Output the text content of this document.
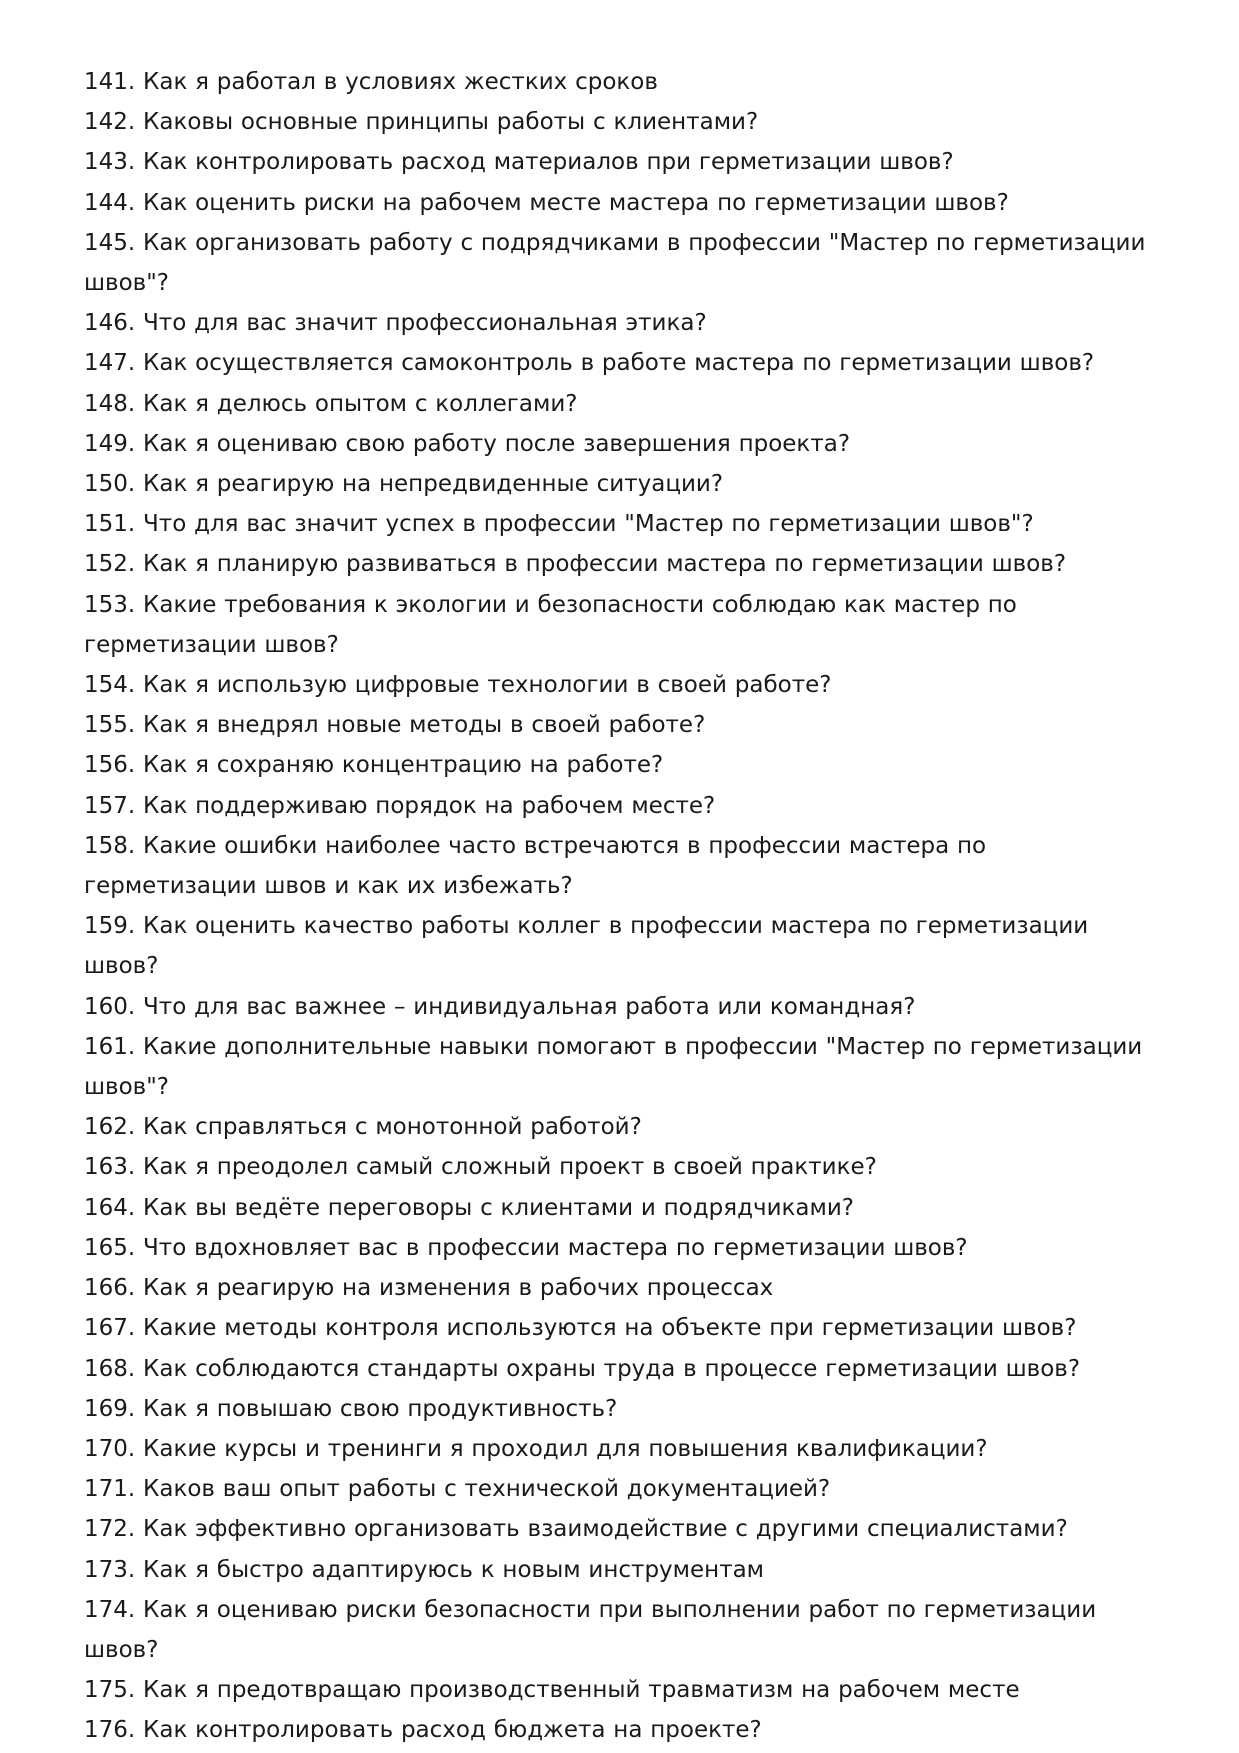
141. Как я работал в условиях жестких сроков

142. Каковы основные принципы работы с клиентами?

143. Как контролировать расход материалов при герметизации швов?

144. Как оценить риски на рабочем месте мастера по герметизации швов?

145. Как организовать работу с подрядчиками в профессии "Мастер по герметизации швов"?

146. Что для вас значит профессиональная этика?

147. Как осуществляется самоконтроль в работе мастера по герметизации швов?

148. Как я делюсь опытом с коллегами?

149. Как я оцениваю свою работу после завершения проекта?

150. Как я реагирую на непредвиденные ситуации?

151. Что для вас значит успех в профессии "Мастер по герметизации швов"?

152. Как я планирую развиваться в профессии мастера по герметизации швов?

153. Какие требования к экологии и безопасности соблюдаю как мастер по герметизации швов?

154. Как я использую цифровые технологии в своей работе?

155. Как я внедрял новые методы в своей работе?

156. Как я сохраняю концентрацию на работе?

157. Как поддерживаю порядок на рабочем месте?

158. Какие ошибки наиболее часто встречаются в профессии мастера по герметизации швов и как их избежать?

159. Как оценить качество работы коллег в профессии мастера по герметизации швов?

160. Что для вас важнее – индивидуальная работа или командная?

161. Какие дополнительные навыки помогают в профессии "Мастер по герметизации швов"?

162. Как справляться с монотонной работой?

163. Как я преодолел самый сложный проект в своей практике?

164. Как вы ведёте переговоры с клиентами и подрядчиками?

165. Что вдохновляет вас в профессии мастера по герметизации швов?

166. Как я реагирую на изменения в рабочих процессах

167. Какие методы контроля используются на объекте при герметизации швов?

168. Как соблюдаются стандарты охраны труда в процессе герметизации швов?

169. Как я повышаю свою продуктивность?

170. Какие курсы и тренинги я проходил для повышения квалификации?

171. Каков ваш опыт работы с технической документацией?

172. Как эффективно организовать взаимодействие с другими специалистами?

173. Как я быстро адаптируюсь к новым инструментам

174. Как я оцениваю риски безопасности при выполнении работ по герметизации швов?

175. Как я предотвращаю производственный травматизм на рабочем месте

176. Как контролировать расход бюджета на проекте?
